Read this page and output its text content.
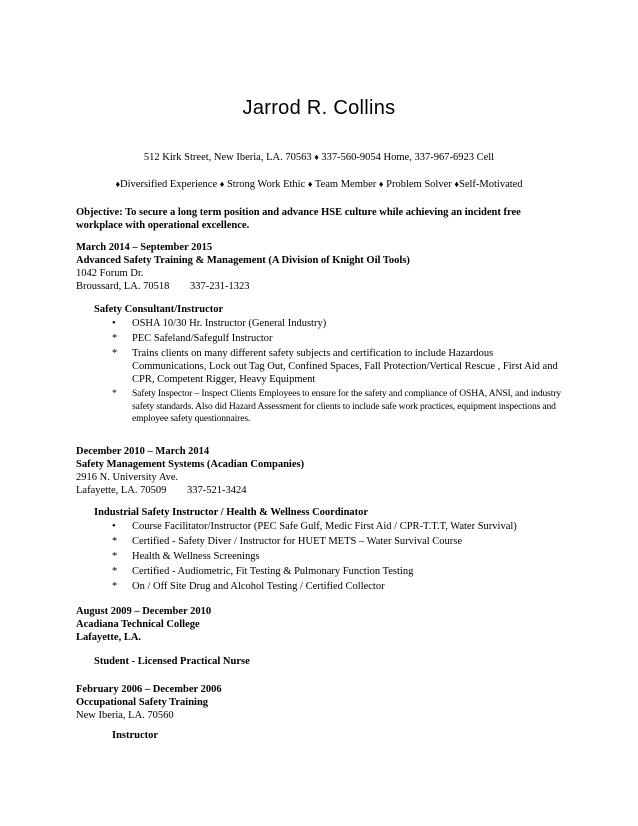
Jarrod R. Collins
512 Kirk Street, New Iberia, LA. 70563 ♦ 337-560-9054 Home, 337-967-6923 Cell
♦Diversified Experience ♦ Strong Work Ethic ♦ Team Member ♦ Problem Solver ♦Self-Motivated
Objective: To secure a long term position and advance HSE culture while achieving an incident free workplace with operational excellence.
March 2014 – September 2015
Advanced Safety Training & Management (A Division of Knight Oil Tools)
1042 Forum Dr.
Broussard, LA. 70518 337-231-1323
Safety Consultant/Instructor
•	OSHA 10/30 Hr. Instructor (General Industry)
*	PEC Safeland/Safegulf Instructor
*	Trains clients on many different safety subjects and certification to include Hazardous Communications, Lock out Tag Out, Confined Spaces, Fall Protection/Vertical Rescue , First Aid and CPR, Competent Rigger, Heavy Equipment
*	Safety Inspector – Inspect Clients Employees to ensure for the safety and compliance of OSHA, ANSI, and industry safety standards. Also did Hazard Assessment for clients to include safe work practices, equipment inspections and employee safety questionnaires.
December 2010 – March 2014
Safety Management Systems (Acadian Companies)
2916 N. University Ave.
Lafayette, LA. 70509 337-521-3424
Industrial Safety Instructor / Health & Wellness Coordinator
•	Course Facilitator/Instructor (PEC Safe Gulf, Medic First Aid / CPR-T.T.T, Water Survival)
*	Certified - Safety Diver / Instructor for HUET METS – Water Survival Course
*	Health & Wellness Screenings
*	Certified - Audiometric, Fit Testing & Pulmonary Function Testing
*	On / Off Site Drug and Alcohol Testing / Certified Collector
August 2009 – December 2010
Acadiana Technical College
Lafayette, LA.
Student - Licensed Practical Nurse
February 2006 – December 2006
Occupational Safety Training
New Iberia, LA. 70560
Instructor
